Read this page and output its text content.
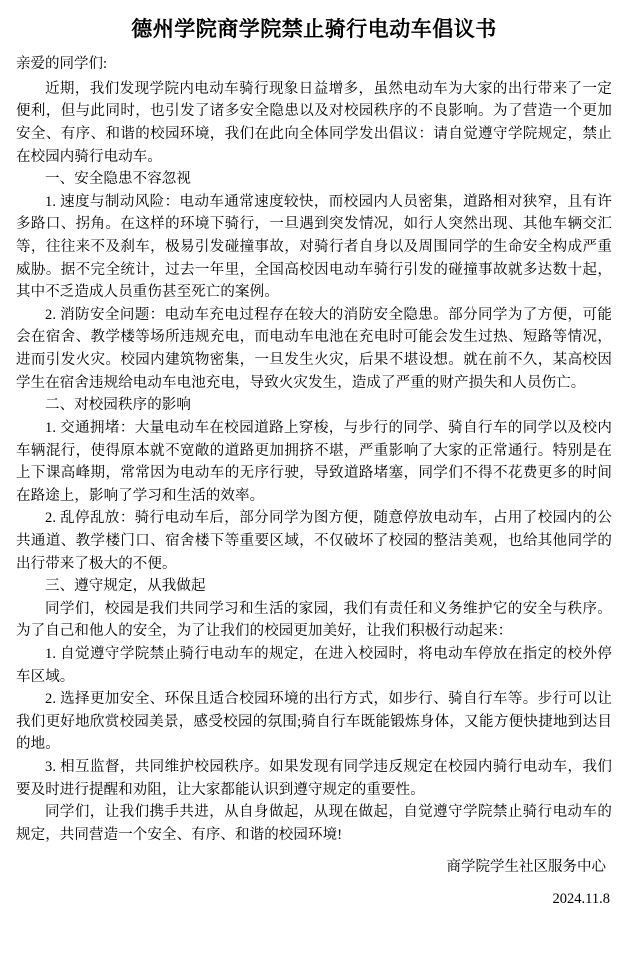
德州学院商学院禁止骑行电动车倡议书
亲爱的同学们:

近期，我们发现学院内电动车骑行现象日益增多，虽然电动车为大家的出行带来了一定便利，但与此同时，也引发了诸多安全隐患以及对校园秩序的不良影响。为了营造一个更加安全、有序、和谐的校园环境，我们在此向全体同学发出倡议：请自觉遵守学院规定，禁止在校园内骑行电动车。

一、安全隐患不容忽视

1. 速度与制动风险：电动车通常速度较快，而校园内人员密集，道路相对狭窄，且有许多路口、拐角。在这样的环境下骑行，一旦遇到突发情况，如行人突然出现、其他车辆交汇等，往往来不及刹车，极易引发碰撞事故，对骑行者自身以及周围同学的生命安全构成严重威胁。据不完全统计，过去一年里，全国高校因电动车骑行引发的碰撞事故就多达数十起，其中不乏造成人员重伤甚至死亡的案例。

2. 消防安全问题：电动车充电过程存在较大的消防安全隐患。部分同学为了方便，可能会在宿舍、教学楼等场所违规充电，而电动车电池在充电时可能会发生过热、短路等情况，进而引发火灾。校园内建筑物密集，一旦发生火灾，后果不堪设想。就在前不久，某高校因学生在宿舍违规给电动车电池充电，导致火灾发生，造成了严重的财产损失和人员伤亡。

二、对校园秩序的影响

1. 交通拥堵：大量电动车在校园道路上穿梭，与步行的同学、骑自行车的同学以及校内车辆混行，使得原本就不宽敞的道路更加拥挤不堪，严重影响了大家的正常通行。特别是在上下课高峰期，常常因为电动车的无序行驶，导致道路堵塞，同学们不得不花费更多的时间在路途上，影响了学习和生活的效率。

2. 乱停乱放：骑行电动车后，部分同学为图方便，随意停放电动车，占用了校园内的公共通道、教学楼门口、宿舍楼下等重要区域，不仅破坏了校园的整洁美观，也给其他同学的出行带来了极大的不便。

三、遵守规定，从我做起

同学们，校园是我们共同学习和生活的家园，我们有责任和义务维护它的安全与秩序。为了自己和他人的安全，为了让我们的校园更加美好，让我们积极行动起来：

1. 自觉遵守学院禁止骑行电动车的规定，在进入校园时，将电动车停放在指定的校外停车区域。

2. 选择更加安全、环保且适合校园环境的出行方式，如步行、骑自行车等。步行可以让我们更好地欣赏校园美景，感受校园的氛围;骑自行车既能锻炼身体，又能方便快捷地到达目的地。

3. 相互监督，共同维护校园秩序。如果发现有同学违反规定在校园内骑行电动车，我们要及时进行提醒和劝阻，让大家都能认识到遵守规定的重要性。

同学们，让我们携手共进，从自身做起，从现在做起，自觉遵守学院禁止骑行电动车的规定，共同营造一个安全、有序、和谐的校园环境!

商学院学生社区服务中心
2024.11.8
